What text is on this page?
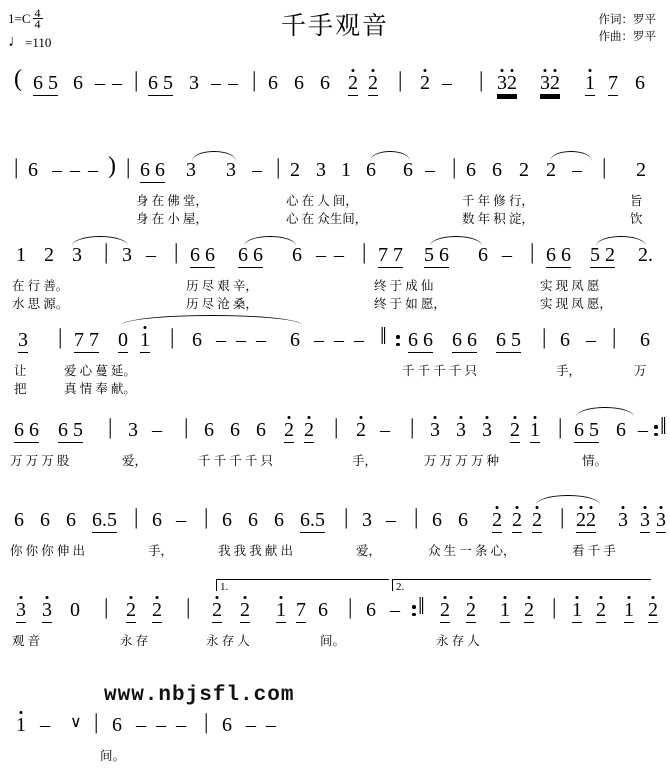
$1=C \frac{4}{4}$
♩ =110
千手观音	作词：罗平
作曲：罗平
( 6 5 6 – – | 6 5 3 – – | 6 6 6 2 2 | 2 – | 32 32 1 7 6
| 6 – – – ) | 6 6 3 3 – | 2 3 1 6 6 – | 6 6 2 2 – | 2
身 在 佛 堂，	心 在 人 间，	千 年 修 行，	旨
身 在 小 屋，	心 在 众生间，	数 年 积 淀，	饮
1 2 3 | 3 – | 6 6 6 6 6 – – | 7 7 5 6 6 – | 6 6 5 2 2.
在 行 善。	历 尽 艰 辛，	终 于 成 仙	实 现 凤 愿
水 思 源。	历 尽 沧 桑，	终 于 如 愿，	实 现 凤 愿，
3 | 7 7 0 1 | 6 – – – 6 – – – ‖ 6 6 6 6 6 5 | 6 – | 6
让	爱 心 蔓 延。	千 千 千 千 只	手，	万
把	真 情 奉 献。
6 6 6 5 | 3 – | 6 6 6 2 2 | 2 – | 3 3 3 2 1 | 6 5 6 – ‖
万 万 万 股	爱，	千 千 千 千 只	手，	万 万 万 万 种	情。
6 6 6 6.5 | 6 – | 6 6 6 6.5 | 3 – | 6 6 2 2 2 | 22 3 3 3
你 你 你 伸 出	手，	我 我 我 献 出	爱，	众 生 一 条 心，	看 千 手
1.	2.
3 3 0 | 2 2 | 2 2 1 7 6 | 6 – ‖ 2 2 1 2 | 1 2 1 2
观 音	永 存	永 存 人	间。	永 存 人
www.nbjsfl.com
1 – ∨ | 6 – – – | 6 – –
间。
